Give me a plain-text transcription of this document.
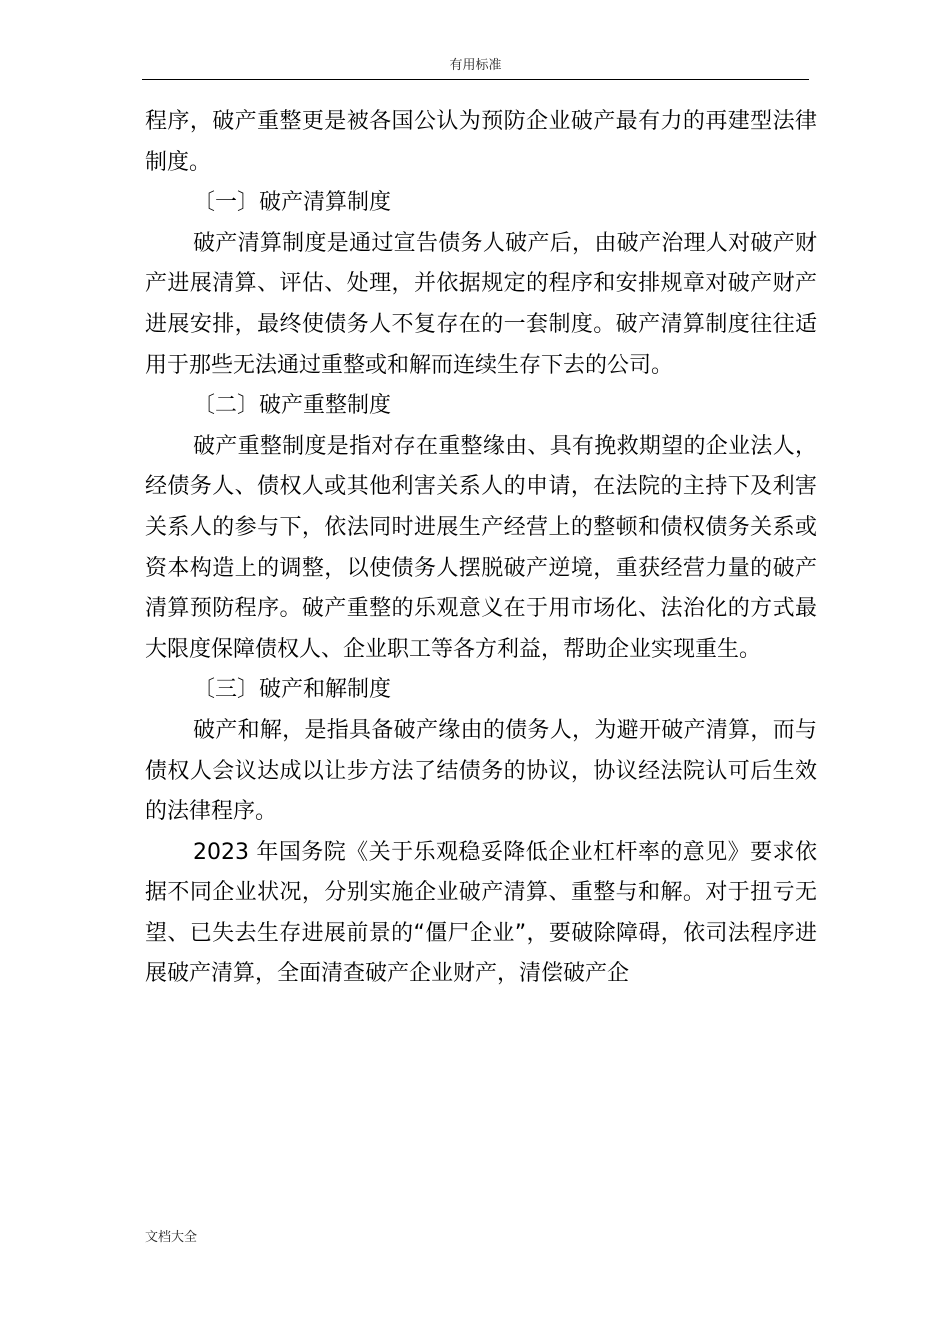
有用标准

程序，破产重整更是被各国公认为预防企业破产最有力的再建型法律制度。

〔一〕破产清算制度

破产清算制度是通过宣告债务人破产后，由破产治理人对破产财产进展清算、评估、处理，并依据规定的程序和安排规章对破产财产进展安排，最终使债务人不复存在的一套制度。破产清算制度往往适用于那些无法通过重整或和解而连续生存下去的公司。

〔二〕破产重整制度

破产重整制度是指对存在重整缘由、具有挽救期望的企业法人，经债务人、债权人或其他利害关系人的申请，在法院的主持下及利害关系人的参与下，依法同时进展生产经营上的整顿和债权债务关系或资本构造上的调整，以使债务人摆脱破产逆境，重获经营力量的破产清算预防程序。破产重整的乐观意义在于用市场化、法治化的方式最大限度保障债权人、企业职工等各方利益，帮助企业实现重生。

〔三〕破产和解制度

破产和解，是指具备破产缘由的债务人，为避开破产清算，而与债权人会议达成以让步方法了结债务的协议，协议经法院认可后生效的法律程序。

2023 年国务院《关于乐观稳妥降低企业杠杆率的意见》要求依据不同企业状况，分别实施企业破产清算、重整与和解。对于扭亏无望、已失去生存进展前景的“僵尸企业”，要破除障碍，依司法程序进展破产清算，全面清查破产企业财产，清偿破产企

文档大全
